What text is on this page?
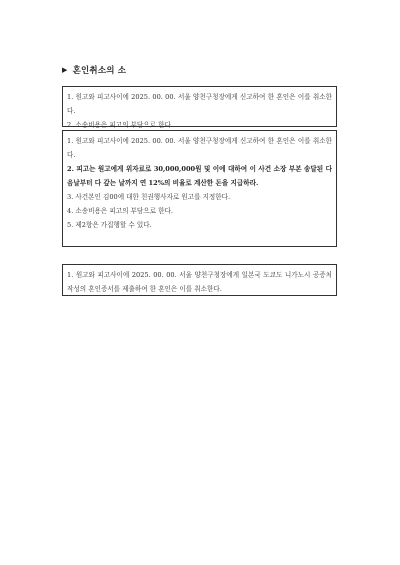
▶ 혼인취소의 소

1. 원고와 피고사이에 2025. 00. 00. 서울 양천구청장에게 신고하여 한 혼인은 이를 취소한다.

2. 소송비용은 피고의 부담으로 한다.

1. 원고와 피고사이에 2025. 00. 00. 서울 양천구청장에게 신고하여 한 혼인은 이를 취소한다.

2. 피고는 원고에게 위자료로 30,000,000원 및 이에 대하여 이 사건 소장 부본 송달된 다음날부터 다 갚는 날까지 연 12%의 비율로 계산한 돈을 지급하라.

3. 사건본인 김00에 대한 친권행사자로 원고를 지정한다.

4. 소송비용은 피고의 부담으로 한다.

5. 제2항은 가집행할 수 있다.

1. 원고와 피고사이에 2025. 00. 00. 서울 양천구청장에게 일본국 도쿄도 니가노시 공증처 작성의 혼인증서를 제출하여 한 혼인은 이를 취소한다.
